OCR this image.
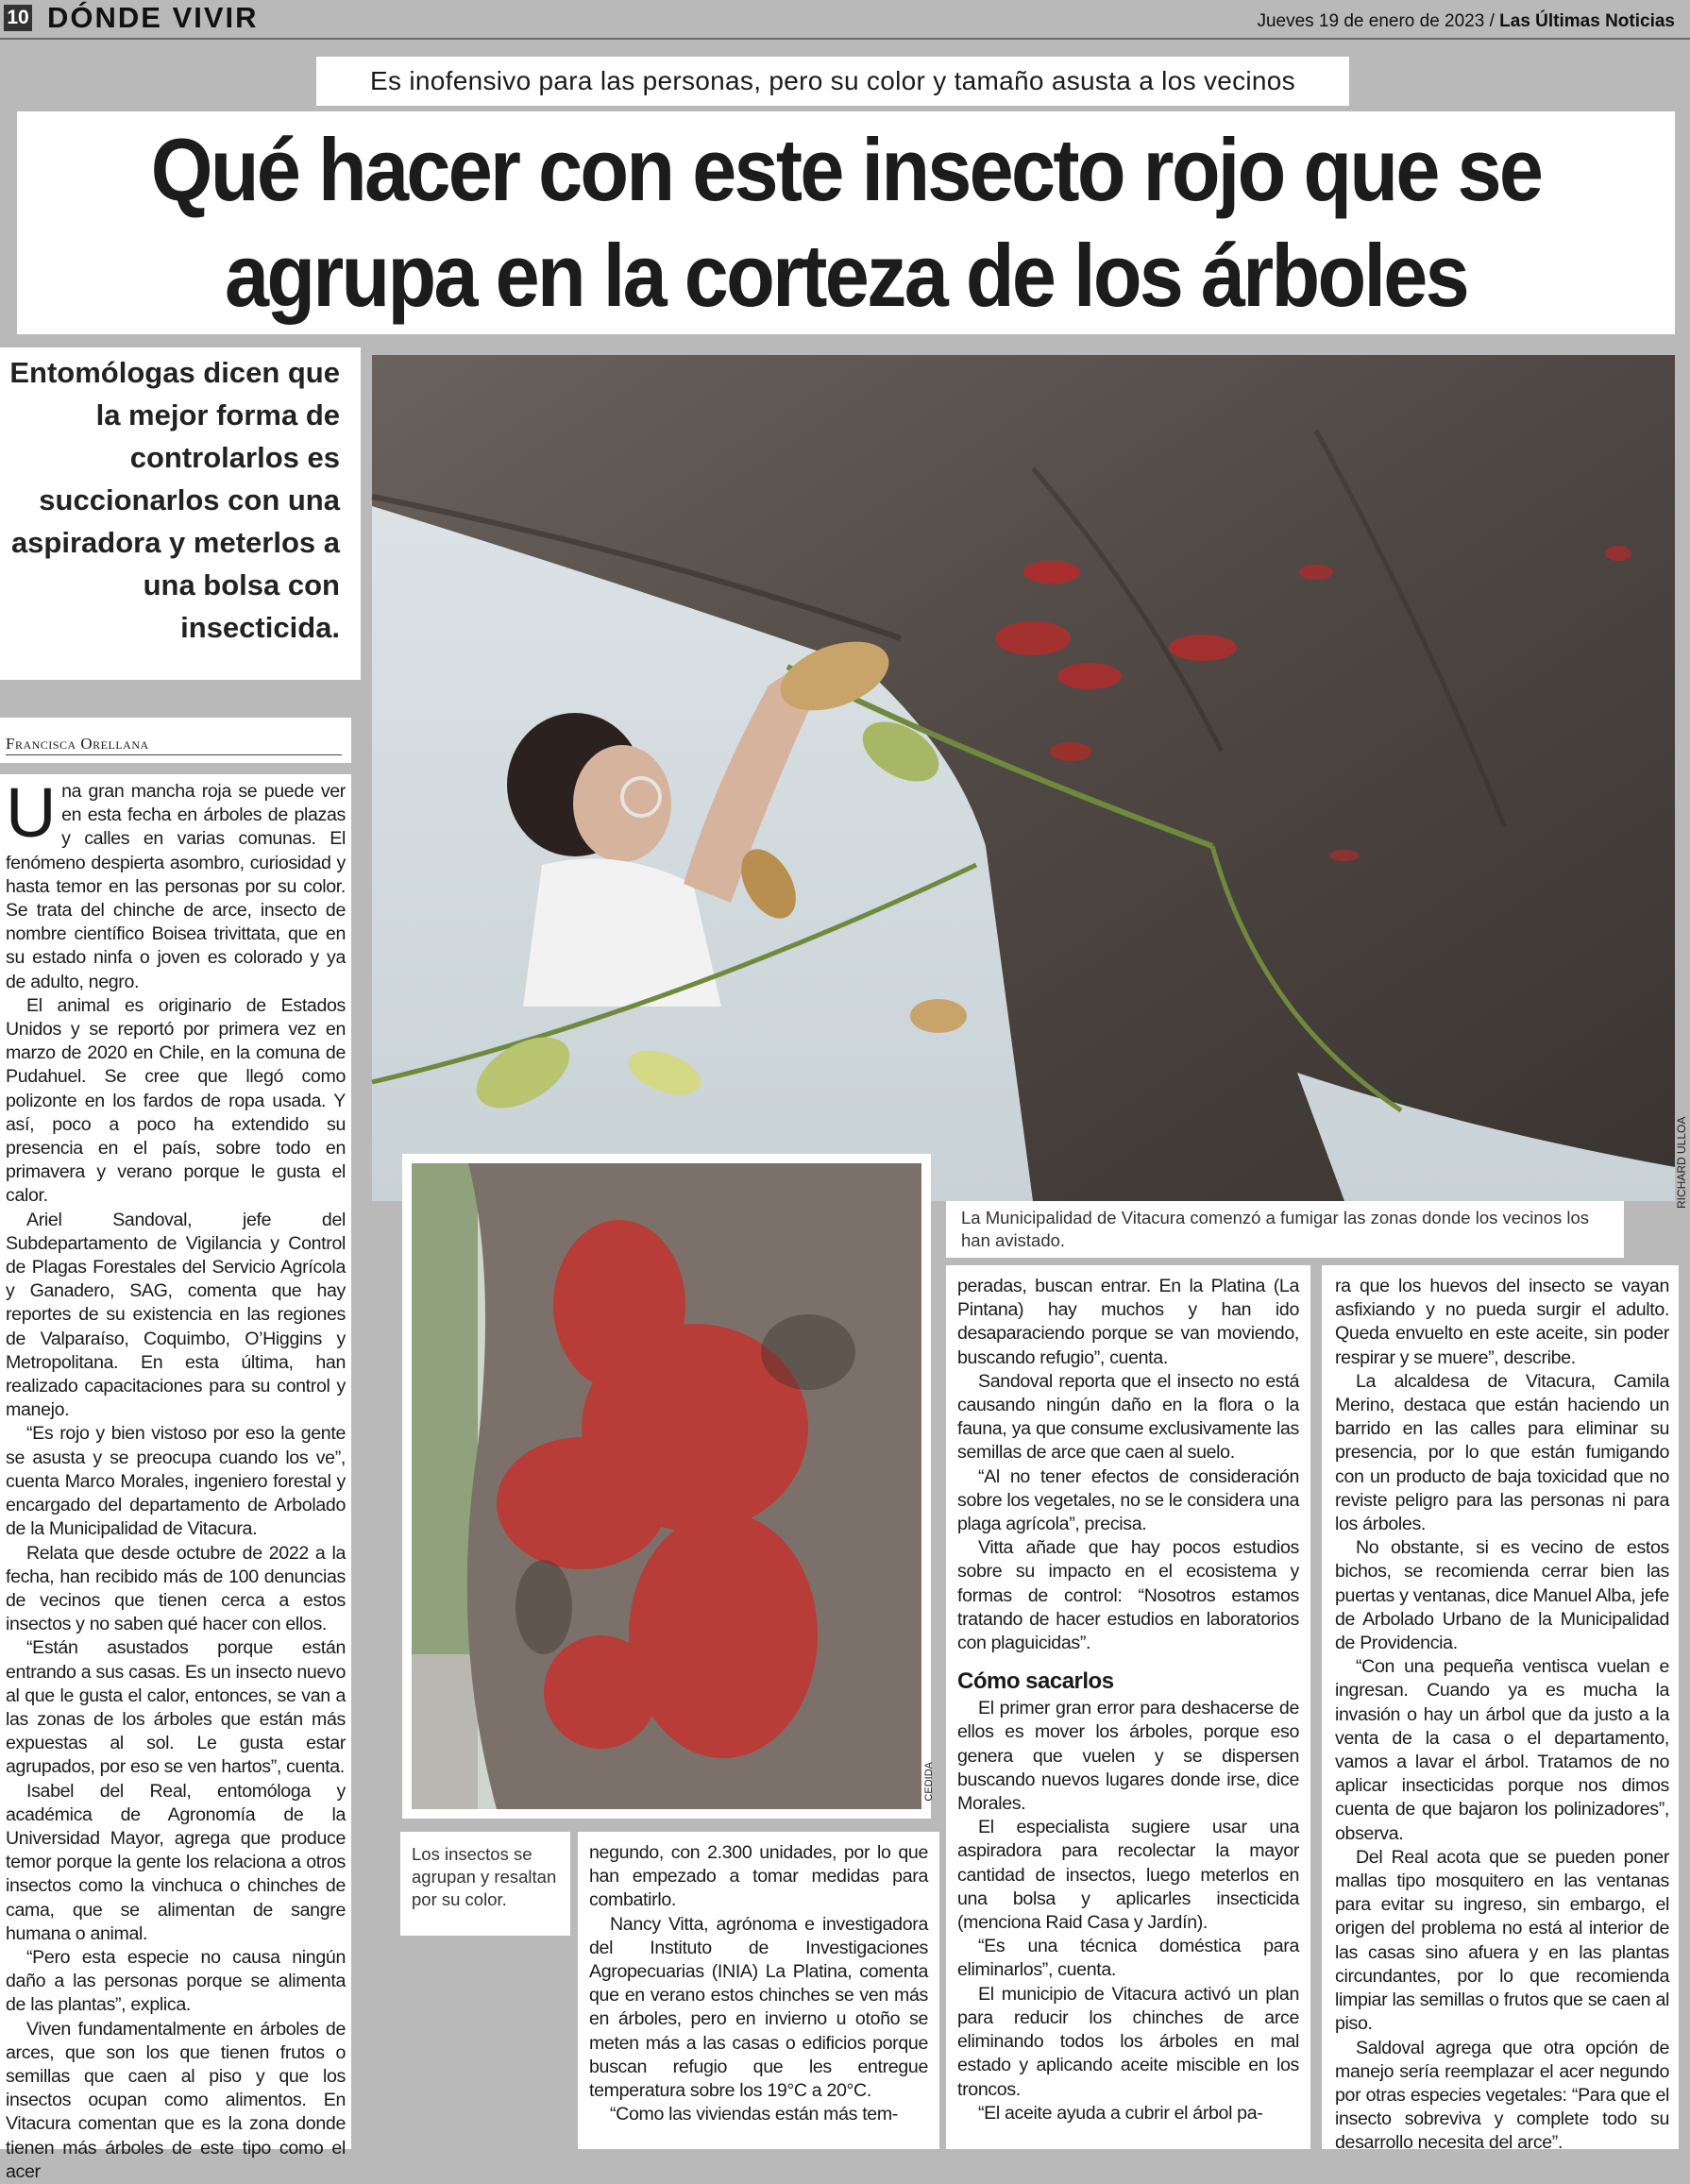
10 DÓNDE VIVIR	Jueves 19 de enero de 2023 / Las Últimas Noticias
Es inofensivo para las personas, pero su color y tamaño asusta a los vecinos
Qué hacer con este insecto rojo que se
agrupa en la corteza de los árboles
Entomólogas dicen que la mejor forma de controlarlos es succionarlos con una aspiradora y meterlos a una bolsa con insecticida.
Francisca Orellana
RICHARD ULLOA
CEDIDA
La Municipalidad de Vitacura comenzó a fumigar las zonas donde los vecinos los han avistado.
Los insectos se agrupan y resaltan por su color.

Una gran mancha roja se puede ver en esta fecha en árboles de plazas y calles en varias comunas. El fenómeno despierta asombro, curiosidad y hasta temor en las personas por su color. Se trata del chinche de arce, insecto de nombre científico Boisea trivittata, que en su estado ninfa o joven es colorado y ya de adulto, negro.

El animal es originario de Estados Unidos y se reportó por primera vez en marzo de 2020 en Chile, en la comuna de Pudahuel. Se cree que llegó como polizonte en los fardos de ropa usada. Y así, poco a poco ha extendido su presencia en el país, sobre todo en primavera y verano porque le gusta el calor.

Ariel Sandoval, jefe del Subdepartamento de Vigilancia y Control de Plagas Forestales del Servicio Agrícola y Ganadero, SAG, comenta que hay reportes de su existencia en las regiones de Valparaíso, Coquimbo, O’Higgins y Metropolitana. En esta última, han realizado capacitaciones para su control y manejo.

“Es rojo y bien vistoso por eso la gente se asusta y se preocupa cuando los ve”, cuenta Marco Morales, ingeniero forestal y encargado del departamento de Arbolado de la Municipalidad de Vitacura.

Relata que desde octubre de 2022 a la fecha, han recibido más de 100 denuncias de vecinos que tienen cerca a estos insectos y no saben qué hacer con ellos.

“Están asustados porque están entrando a sus casas. Es un insecto nuevo al que le gusta el calor, entonces, se van a las zonas de los árboles que están más expuestas al sol. Le gusta estar agrupados, por eso se ven hartos”, cuenta.

Isabel del Real, entomóloga y académica de Agronomía de la Universidad Mayor, agrega que produce temor porque la gente los relaciona a otros insectos como la vinchuca o chinches de cama, que se alimentan de sangre humana o animal.

“Pero esta especie no causa ningún daño a las personas porque se alimenta de las plantas”, explica.

Viven fundamentalmente en árboles de arces, que son los que tienen frutos o semillas que caen al piso y que los insectos ocupan como alimentos. En Vitacura comentan que es la zona donde tienen más árboles de este tipo como el acer

negundo, con 2.300 unidades, por lo que han empezado a tomar medidas para combatirlo.

Nancy Vitta, agrónoma e investigadora del Instituto de Investigaciones Agropecuarias (INIA) La Platina, comenta que en verano estos chinches se ven más en árboles, pero en invierno u otoño se meten más a las casas o edificios porque buscan refugio que les entregue temperatura sobre los 19°C a 20°C.

“Como las viviendas están más tem-

peradas, buscan entrar. En la Platina (La Pintana) hay muchos y han ido desaparaciendo porque se van moviendo, buscando refugio”, cuenta.

Sandoval reporta que el insecto no está causando ningún daño en la flora o la fauna, ya que consume exclusivamente las semillas de arce que caen al suelo.

“Al no tener efectos de consideración sobre los vegetales, no se le considera una plaga agrícola”, precisa.

Vitta añade que hay pocos estudios sobre su impacto en el ecosistema y formas de control: “Nosotros estamos tratando de hacer estudios en laboratorios con plaguicidas”.

Cómo sacarlos

El primer gran error para deshacerse de ellos es mover los árboles, porque eso genera que vuelen y se dispersen buscando nuevos lugares donde irse, dice Morales.

El especialista sugiere usar una aspiradora para recolectar la mayor cantidad de insectos, luego meterlos en una bolsa y aplicarles insecticida (menciona Raid Casa y Jardín).

“Es una técnica doméstica para eliminarlos”, cuenta.

El municipio de Vitacura activó un plan para reducir los chinches de arce eliminando todos los árboles en mal estado y aplicando aceite miscible en los troncos.

“El aceite ayuda a cubrir el árbol pa-

ra que los huevos del insecto se vayan asfixiando y no pueda surgir el adulto. Queda envuelto en este aceite, sin poder respirar y se muere”, describe.

La alcaldesa de Vitacura, Camila Merino, destaca que están haciendo un barrido en las calles para eliminar su presencia, por lo que están fumigando con un producto de baja toxicidad que no reviste peligro para las personas ni para los árboles.

No obstante, si es vecino de estos bichos, se recomienda cerrar bien las puertas y ventanas, dice Manuel Alba, jefe de Arbolado Urbano de la Municipalidad de Providencia.

“Con una pequeña ventisca vuelan e ingresan. Cuando ya es mucha la invasión o hay un árbol que da justo a la venta de la casa o el departamento, vamos a lavar el árbol. Tratamos de no aplicar insecticidas porque nos dimos cuenta de que bajaron los polinizadores”, observa.

Del Real acota que se pueden poner mallas tipo mosquitero en las ventanas para evitar su ingreso, sin embargo, el origen del problema no está al interior de las casas sino afuera y en las plantas circundantes, por lo que recomienda limpiar las semillas o frutos que se caen al piso.

Saldoval agrega que otra opción de manejo sería reemplazar el acer negundo por otras especies vegetales: “Para que el insecto sobreviva y complete todo su desarrollo necesita del arce”.
